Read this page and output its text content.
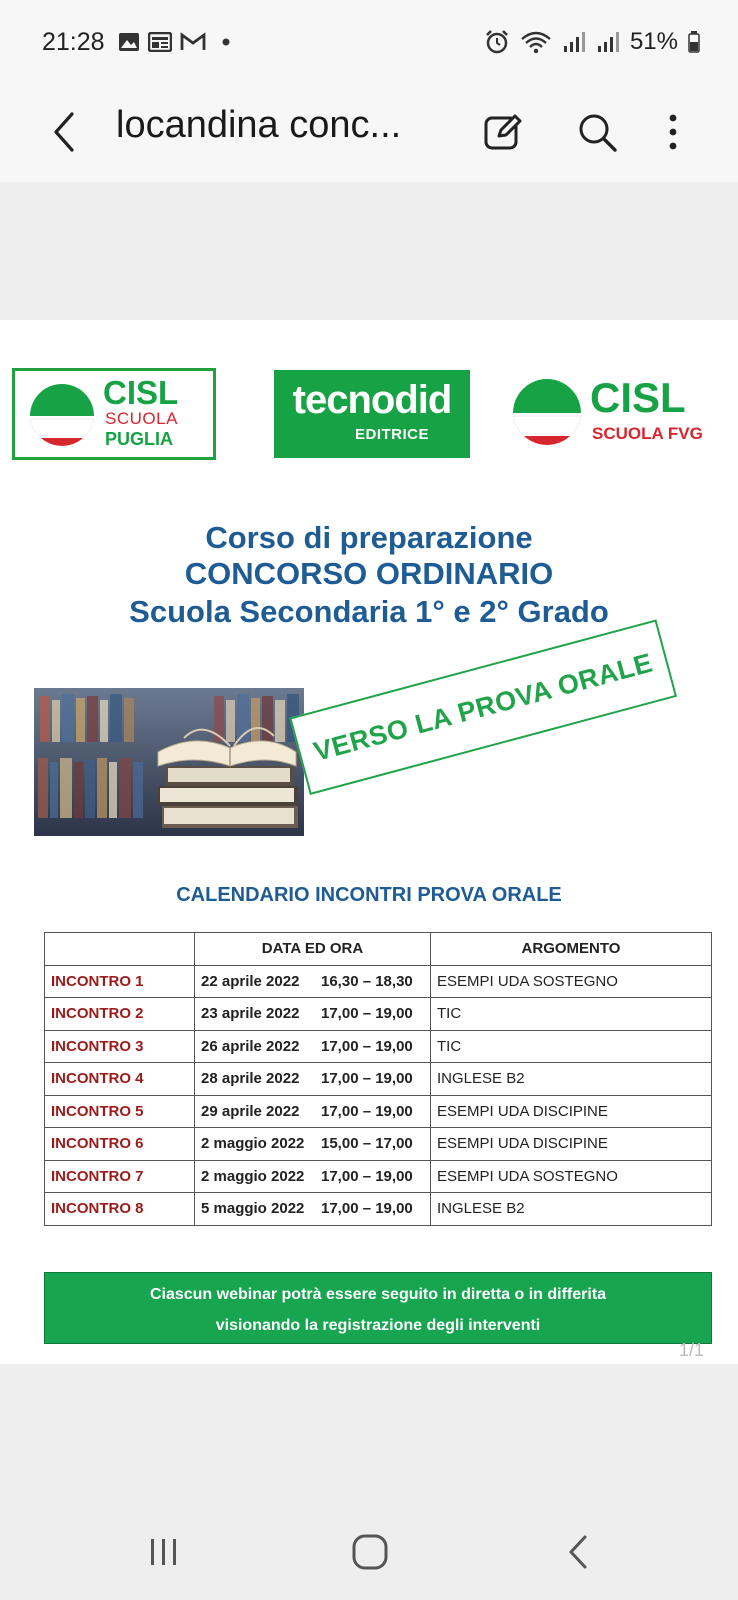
21:28	51%
locandina conc...
CISL
SCUOLA
PUGLIA
tecnodid
EDITRICE
CISL
SCUOLA FVG
Corso di preparazione
CONCORSO ORDINARIO
Scuola Secondaria 1° e 2° Grado
VERSO LA PROVA ORALE
CALENDARIO INCONTRI PROVA ORALE
	DATA ED ORA	ARGOMENTO
INCONTRO 1	22 aprile 2022 16,30 – 18,30	ESEMPI UDA SOSTEGNO
INCONTRO 2	23 aprile 2022 17,00 – 19,00	TIC
INCONTRO 3	26 aprile 2022 17,00 – 19,00	TIC
INCONTRO 4	28 aprile 2022 17,00 – 19,00	INGLESE B2
INCONTRO 5	29 aprile 2022 17,00 – 19,00	ESEMPI UDA DISCIPINE
INCONTRO 6	2 maggio 2022 15,00 – 17,00	ESEMPI UDA DISCIPINE
INCONTRO 7	2 maggio 2022 17,00 – 19,00	ESEMPI UDA SOSTEGNO
INCONTRO 8	5 maggio 2022 17,00 – 19,00	INGLESE B2
Ciascun webinar potrà essere seguito in diretta o in differita
visionando la registrazione degli interventi
1/1
